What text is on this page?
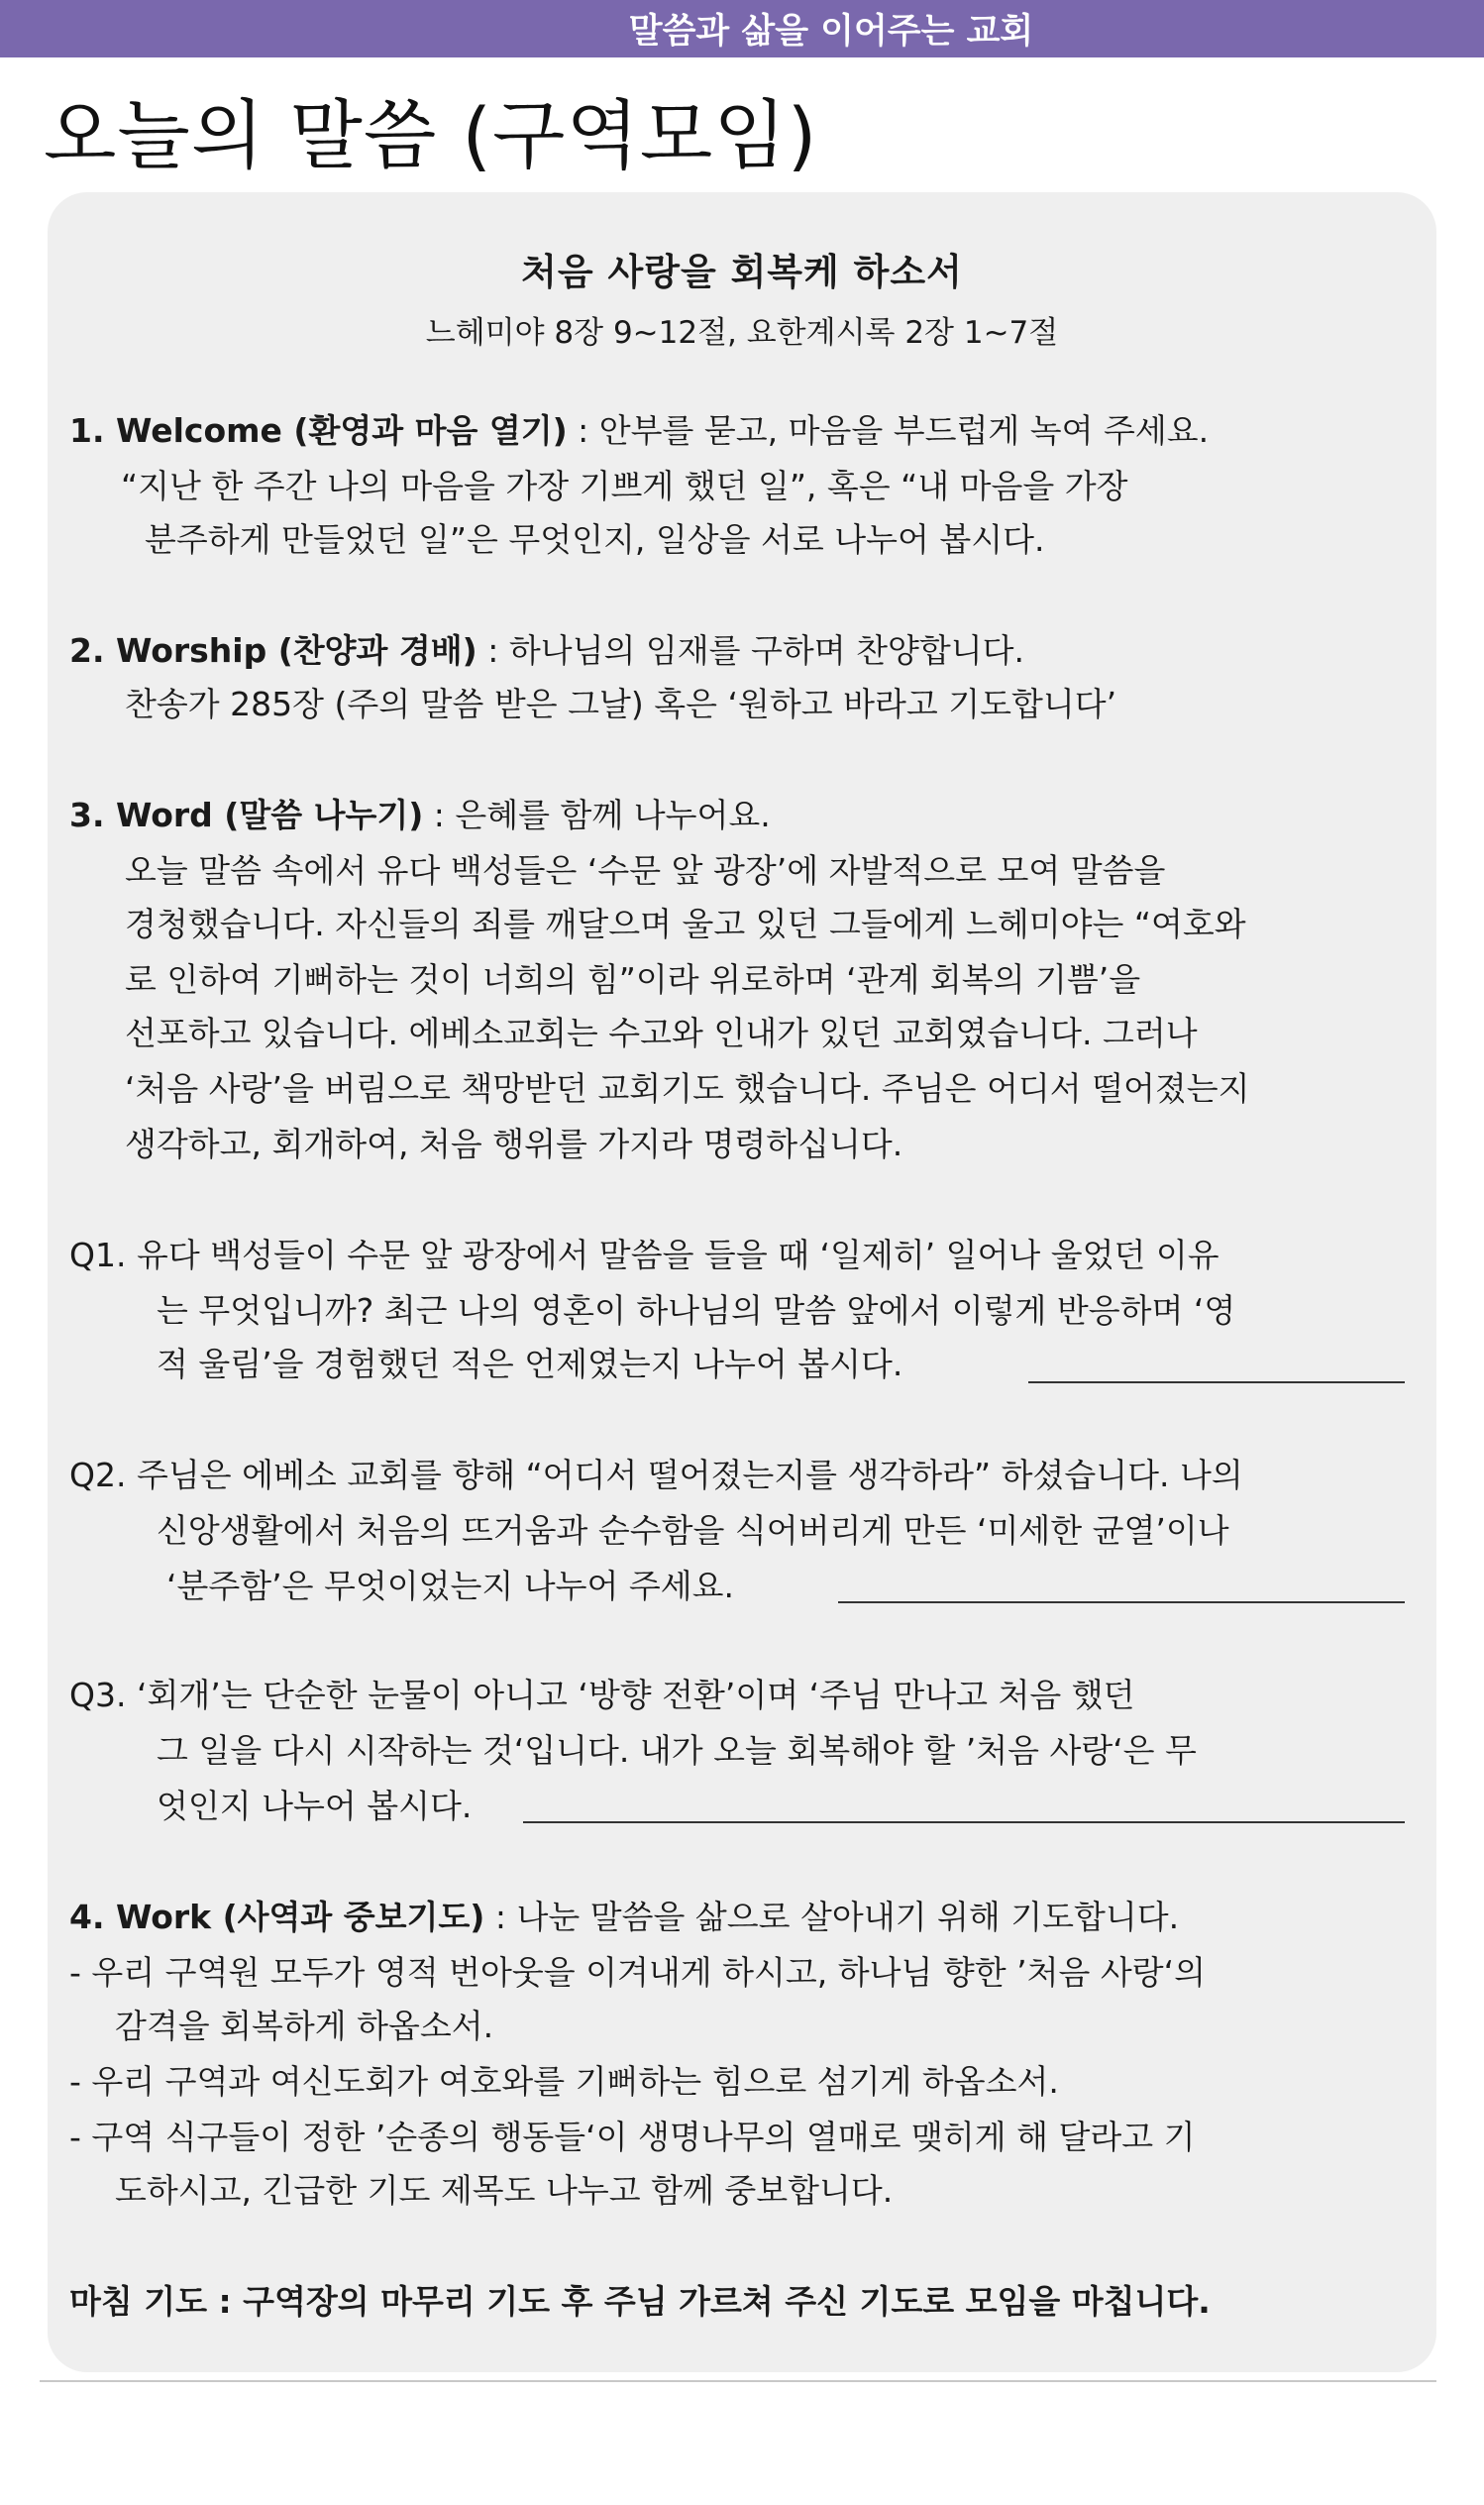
말씀과 삶을 이어주는 교회
오늘의 말씀 (구역모임)
처음 사랑을 회복케 하소서
느헤미야 8장 9~12절, 요한계시록 2장 1~7절
1. Welcome (환영과 마음 열기) : 안부를 묻고, 마음을 부드럽게 녹여 주세요.
“지난 한 주간 나의 마음을 가장 기쁘게 했던 일”, 혹은 “내 마음을 가장
분주하게 만들었던 일”은 무엇인지, 일상을 서로 나누어 봅시다.
2. Worship (찬양과 경배) : 하나님의 임재를 구하며 찬양합니다.
찬송가 285장 (주의 말씀 받은 그날) 혹은 ‘원하고 바라고 기도합니다’
3. Word (말씀 나누기) : 은혜를 함께 나누어요.
오늘 말씀 속에서 유다 백성들은 ‘수문 앞 광장’에 자발적으로 모여 말씀을
경청했습니다. 자신들의 죄를 깨달으며 울고 있던 그들에게 느헤미야는 “여호와
로 인하여 기뻐하는 것이 너희의 힘”이라 위로하며 ‘관계 회복의 기쁨’을
선포하고 있습니다. 에베소교회는 수고와 인내가 있던 교회였습니다. 그러나
‘처음 사랑’을 버림으로 책망받던 교회기도 했습니다. 주님은 어디서 떨어졌는지
생각하고, 회개하여, 처음 행위를 가지라 명령하십니다.
Q1. 유다 백성들이 수문 앞 광장에서 말씀을 들을 때 ‘일제히’ 일어나 울었던 이유
는 무엇입니까? 최근 나의 영혼이 하나님의 말씀 앞에서 이렇게 반응하며 ‘영
적 울림’을 경험했던 적은 언제였는지 나누어 봅시다.
Q2. 주님은 에베소 교회를 향해 “어디서 떨어졌는지를 생각하라” 하셨습니다. 나의
신앙생활에서 처음의 뜨거움과 순수함을 식어버리게 만든 ‘미세한 균열’이나
‘분주함’은 무엇이었는지 나누어 주세요.
Q3. ‘회개’는 단순한 눈물이 아니고 ‘방향 전환’이며 ‘주님 만나고 처음 했던
그 일을 다시 시작하는 것‘입니다. 내가 오늘 회복해야 할 ’처음 사랑‘은 무
엇인지 나누어 봅시다.
4. Work (사역과 중보기도) : 나눈 말씀을 삶으로 살아내기 위해 기도합니다.
- 우리 구역원 모두가 영적 번아웃을 이겨내게 하시고, 하나님 향한 ’처음 사랑‘의
감격을 회복하게 하옵소서.
- 우리 구역과 여신도회가 여호와를 기뻐하는 힘으로 섬기게 하옵소서.
- 구역 식구들이 정한 ’순종의 행동들‘이 생명나무의 열매로 맺히게 해 달라고 기
도하시고, 긴급한 기도 제목도 나누고 함께 중보합니다.
마침 기도 : 구역장의 마무리 기도 후 주님 가르쳐 주신 기도로 모임을 마칩니다.
